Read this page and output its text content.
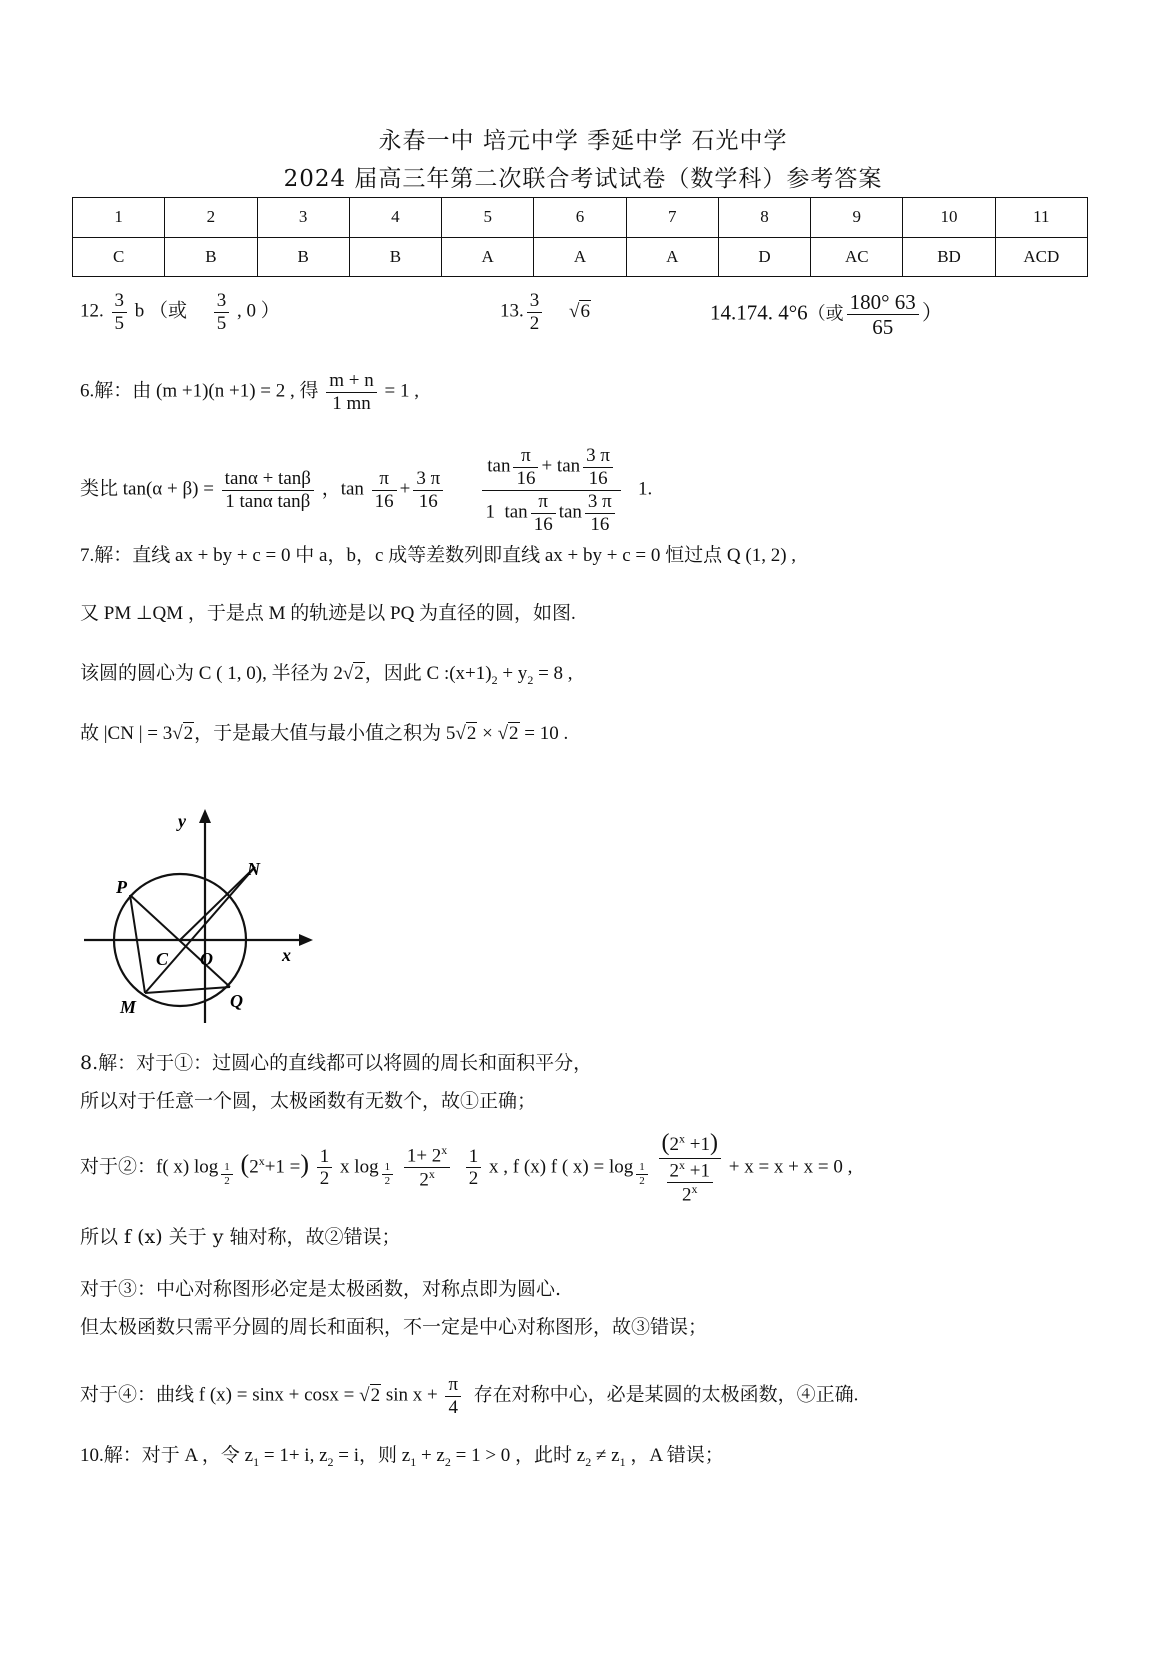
永春一中 培元中学 季延中学 石光中学
2024 届高三年第二次联合考试试卷（数学科）参考答案
1	2	3	4	5	6	7	8	9	10	11
C	B	B	B	A	A	A	D	AC	BD	ACD
12. $\frac{3}{5}$ b （或 $\frac{3}{5}$ , 0 ）	13. $\frac{3}{2} √6$	14.174. 4°6（或 $\frac{180^\circ 63}{65}$ ）
6.解：由 (m +1)(n +1) = 2 , 得 $\frac{m + n}{1 mn} = 1$ ,
类比 $\tan(\alpha + \beta) = \frac{\tan\alpha + \tan\beta}{\text{1 tanα tanβ}}$ ，$\tan \frac{\pi}{16} + \frac{3 \pi}{16}$
$\frac{\tan \frac{\pi}{16} + \tan \frac{3 \pi}{16}}{1 \tan \frac{\pi}{16} \tan \frac{3 \pi}{16}} 1$.
7.解：直线 ax + by + c = 0 中 a，b，c 成等差数列即直线 ax + by + c = 0 恒过点 Q (1, 2) ,
又 PM ⊥QM ，于是点 M 的轨迹是以 PQ 为直径的圆，如图.
该圆的圆心为 C ( 1, 0), 半径为 2√2，因此 C $:(x+1)_2 + y_2 = 8$ ,
故 |CN | = 3√2，于是最大值与最小值之积为 5√2 × √2 = 10 .
y
x
P
N
C O
M	Q
8.解：对于①：过圆心的直线都可以将圆的周长和面积平分，
所以对于任意一个圆，太极函数有无数个，故①正确；
对于②：f( x) log $_{\frac{1}{2}}$ ($2^x+1$ =) $\frac{1}{2}$ x log $_{\frac{1}{2}}$
$\frac{1+ 2^x}{2^x}$
$\frac{1}{2}$ x , f (x) f ( x) = log $_{\frac{1}{2}}$
$\frac{(2^x +1)}{\frac{2^x +1}{2^x}} + x = x + x = 0$ ,
所以 f (x) 关于 y 轴对称，故②错误；
对于③：中心对称图形必定是太极函数，对称点即为圆心.
但太极函数只需平分圆的周长和面积，不一定是中心对称图形，故③错误；
对于④：曲线 f (x) = sinx + cosx = √2 $\sin x + \frac{\pi}{4}$ 存在对称中心，必是某圆的太极函数，④正确.
10.解：对于 A ，令 $z_1 = 1+ i$, $z_2 = i$，则 $z_1 + z_2 = 1 > 0$ ，此时 $z_2 \ne z_1$ ，A 错误；
